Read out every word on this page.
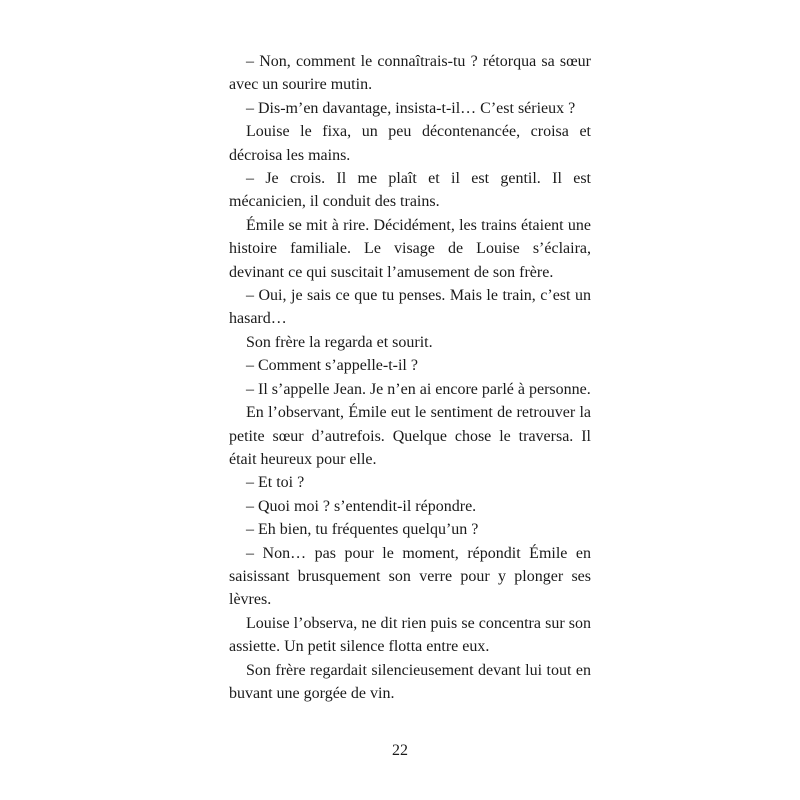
– Non, comment le connaîtrais-tu ? rétorqua sa sœur avec un sourire mutin.

– Dis-m’en davantage, insista-t-il… C’est sérieux ?

Louise le fixa, un peu décontenancée, croisa et décroisa les mains.

– Je crois. Il me plaît et il est gentil. Il est mécanicien, il conduit des trains.

Émile se mit à rire. Décidément, les trains étaient une histoire familiale. Le visage de Louise s’éclaira, devinant ce qui suscitait l’amusement de son frère.

– Oui, je sais ce que tu penses. Mais le train, c’est un hasard…

Son frère la regarda et sourit.

– Comment s’appelle-t-il ?

– Il s’appelle Jean. Je n’en ai encore parlé à personne.

En l’observant, Émile eut le sentiment de retrouver la petite sœur d’autrefois. Quelque chose le traversa. Il était heureux pour elle.

– Et toi ?

– Quoi moi ? s’entendit-il répondre.

– Eh bien, tu fréquentes quelqu’un ?

– Non… pas pour le moment, répondit Émile en saisissant brusquement son verre pour y plonger ses lèvres.

Louise l’observa, ne dit rien puis se concentra sur son assiette. Un petit silence flotta entre eux.

Son frère regardait silencieusement devant lui tout en buvant une gorgée de vin.

22
